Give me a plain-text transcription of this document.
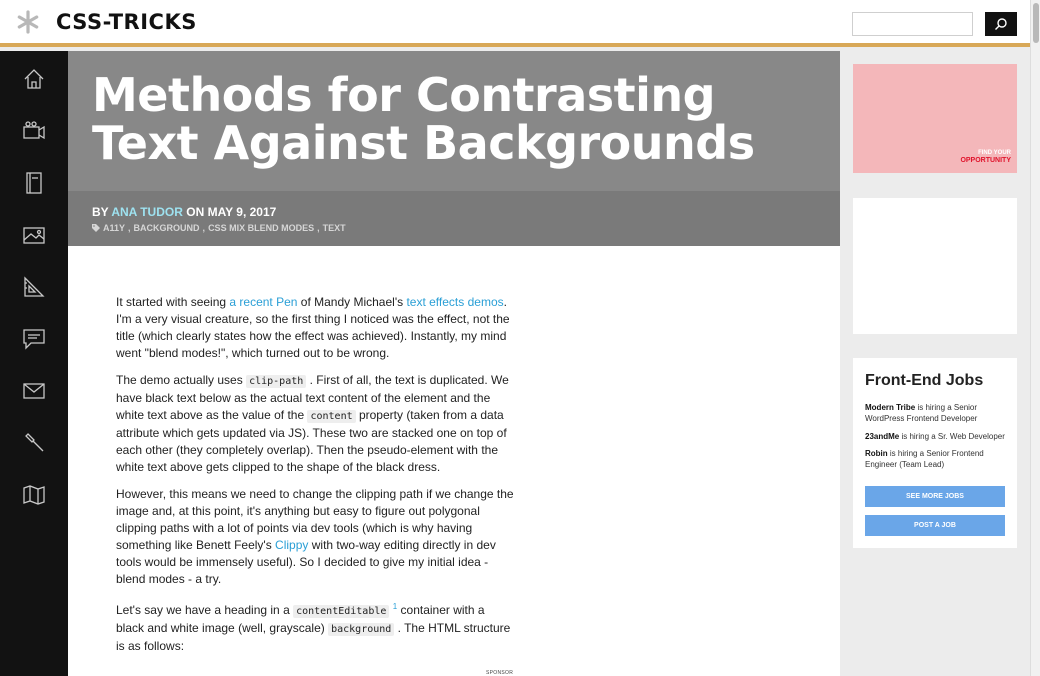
CSS-TRICKS
Methods for Contrasting Text Against Backgrounds
BY ANA TUDOR ON MAY 9, 2017
A11Y , BACKGROUND , CSS MIX BLEND MODES , TEXT

It started with seeing a recent Pen of Mandy Michael's text effects demos. I'm a very visual creature, so the first thing I noticed was the effect, not the title (which clearly states how the effect was achieved). Instantly, my mind went "blend modes!", which turned out to be wrong.

The demo actually uses clip-path . First of all, the text is duplicated. We have black text below as the actual text content of the element and the white text above as the value of the content property (taken from a data attribute which gets updated via JS). These two are stacked one on top of each other (they completely overlap). Then the pseudo-element with the white text above gets clipped to the shape of the black dress.

However, this means we need to change the clipping path if we change the image and, at this point, it's anything but easy to figure out polygonal clipping paths with a lot of points via dev tools (which is why having something like Benett Feely's Clippy with two-way editing directly in dev tools would be immensely useful). So I decided to give my initial idea - blend modes - a try.

Let's say we have a heading in a contentEditable $^1$ container with a black and white image (well, grayscale) background . The HTML structure is as follows:

SPONSOR
FIND YOUR
OPPORTUNITY
Front-End Jobs
Modern Tribe is hiring a Senior WordPress Frontend Developer
23andMe is hiring a Sr. Web Developer
Robin is hiring a Senior Frontend Engineer (Team Lead)
SEE MORE JOBS
POST A JOB
